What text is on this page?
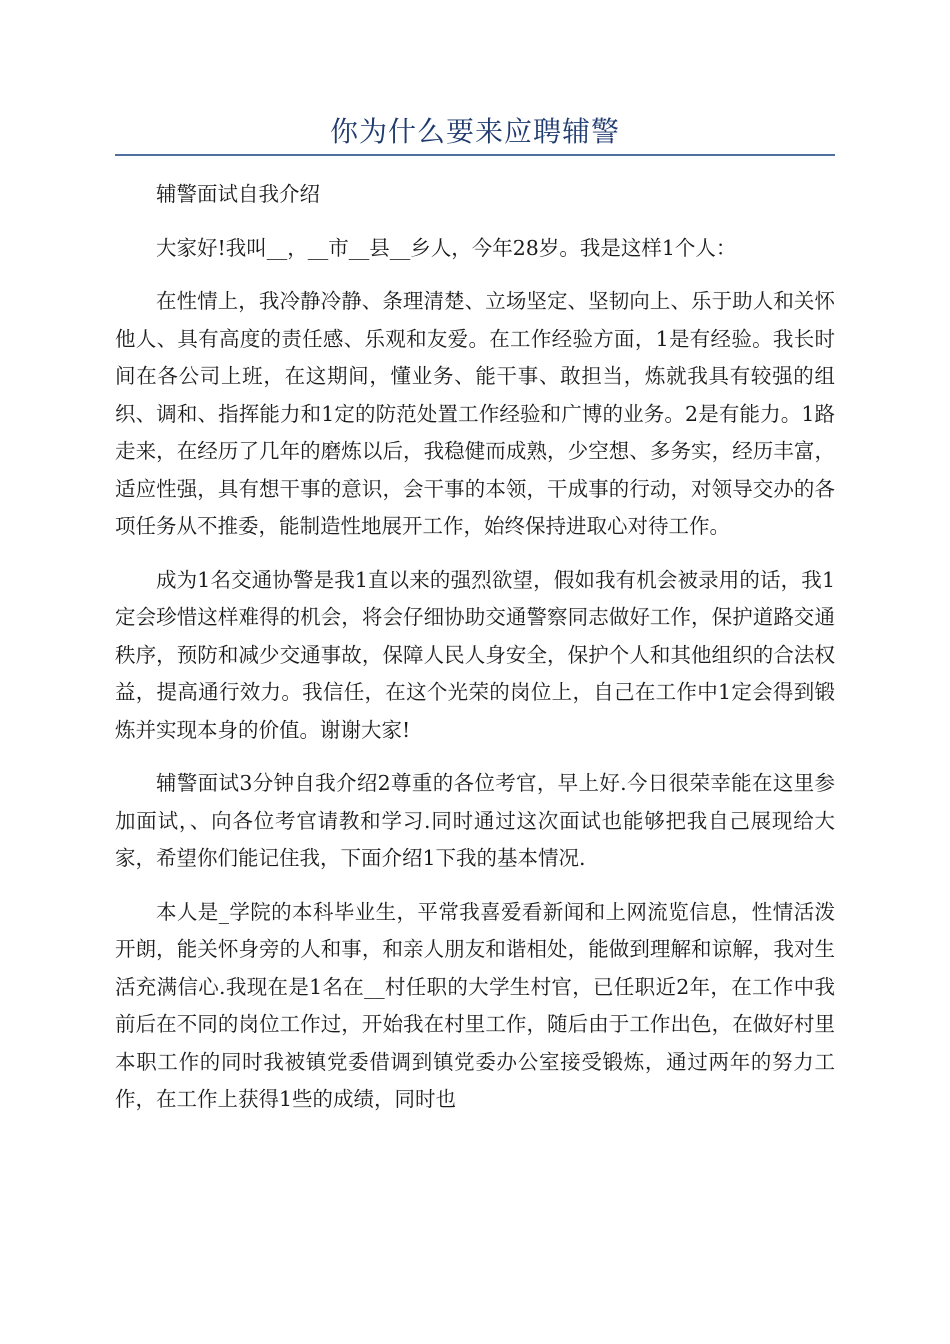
你为什么要来应聘辅警

辅警面试自我介绍

大家好!我叫__，__市__县__乡人，今年28岁。我是这样1个人：

在性情上，我冷静冷静、条理清楚、立场坚定、坚韧向上、乐于助人和关怀他人、具有高度的责任感、乐观和友爱。在工作经验方面，1是有经验。我长时间在各公司上班，在这期间，懂业务、能干事、敢担当，炼就我具有较强的组织、调和、指挥能力和1定的防范处置工作经验和广博的业务。2是有能力。1路走来，在经历了几年的磨炼以后，我稳健而成熟，少空想、多务实，经历丰富，适应性强，具有想干事的意识，会干事的本领，干成事的行动，对领导交办的各项任务从不推委，能制造性地展开工作，始终保持进取心对待工作。

成为1名交通协警是我1直以来的强烈欲望，假如我有机会被录用的话，我1定会珍惜这样难得的机会，将会仔细协助交通警察同志做好工作，保护道路交通秩序，预防和减少交通事故，保障人民人身安全，保护个人和其他组织的合法权益，提高通行效力。我信任，在这个光荣的岗位上，自己在工作中1定会得到锻炼并实现本身的价值。谢谢大家!

辅警面试3分钟自我介绍2尊重的各位考官，早上好.今日很荣幸能在这里参加面试，、向各位考官请教和学习.同时通过这次面试也能够把我自己展现给大家，希望你们能记住我，下面介绍1下我的基本情况.

本人是_学院的本科毕业生，平常我喜爱看新闻和上网流览信息，性情活泼开朗，能关怀身旁的人和事，和亲人朋友和谐相处，能做到理解和谅解，我对生活充满信心.我现在是1名在__村任职的大学生村官，已任职近2年，在工作中我前后在不同的岗位工作过，开始我在村里工作，随后由于工作出色，在做好村里本职工作的同时我被镇党委借调到镇党委办公室接受锻炼，通过两年的努力工作，在工作上获得1些的成绩，同时也
